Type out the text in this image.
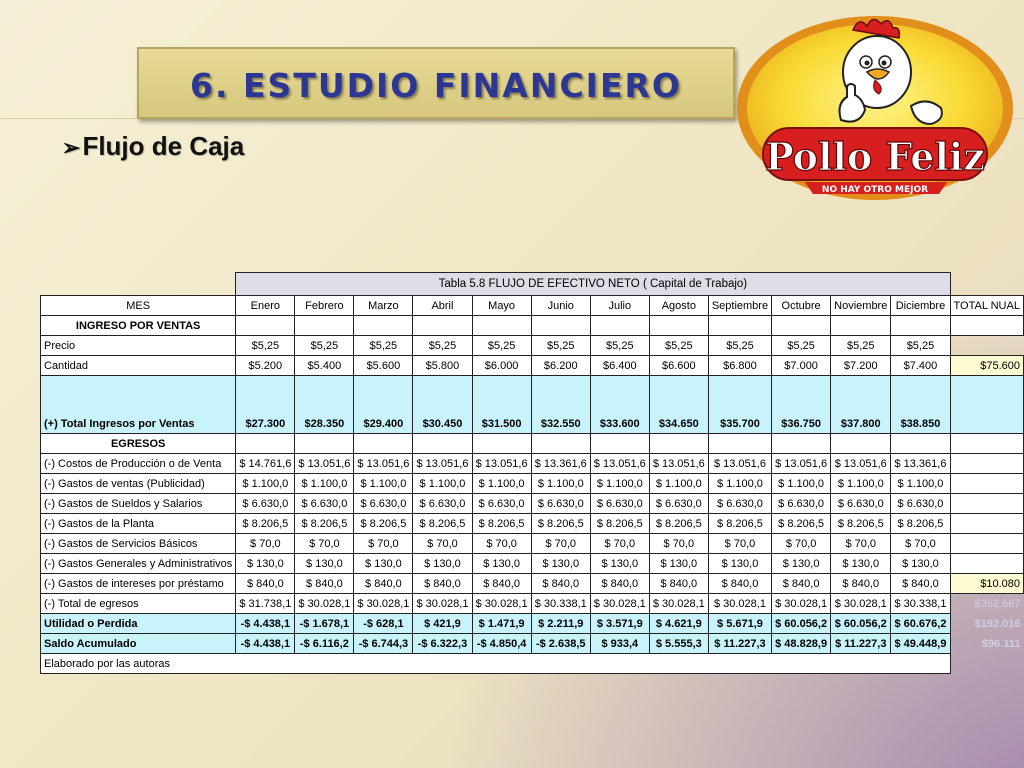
6. ESTUDIO FINANCIERO
➢Flujo de Caja	Pollo Feliz
NO HAY OTRO MEJOR
	Tabla 5.8 FLUJO DE EFECTIVO NETO ( Capital de Trabajo)												
MES	Enero	Febrero	Marzo	Abril	Mayo	Junio	Julio	Agosto	Septiembre	Octubre	Noviembre	Diciembre	TOTAL NUAL
INGRESO POR VENTAS													
Precio	$5,25	$5,25	$5,25	$5,25	$5,25	$5,25	$5,25	$5,25	$5,25	$5,25	$5,25	$5,25	
Cantidad	$5.200	$5.400	$5.600	$5.800	$6.000	$6.200	$6.400	$6.600	$6.800	$7.000	$7.200	$7.400	$75.600
(+) Total Ingresos por Ventas	$27.300	$28.350	$29.400	$30.450	$31.500	$32.550	$33.600	$34.650	$35.700	$36.750	$37.800	$38.850	
EGRESOS													
(-) Costos de Producción o de Venta	$ 14.761,6	$ 13.051,6	$ 13.051,6	$ 13.051,6	$ 13.051,6	$ 13.361,6	$ 13.051,6	$ 13.051,6	$ 13.051,6	$ 13.051,6	$ 13.051,6	$ 13.361,6	
(-) Gastos de ventas (Publicidad)	$ 1.100,0	$ 1.100,0	$ 1.100,0	$ 1.100,0	$ 1.100,0	$ 1.100,0	$ 1.100,0	$ 1.100,0	$ 1.100,0	$ 1.100,0	$ 1.100,0	$ 1.100,0	
(-) Gastos de Sueldos y Salarios	$ 6.630,0	$ 6.630,0	$ 6.630,0	$ 6.630,0	$ 6.630,0	$ 6.630,0	$ 6.630,0	$ 6.630,0	$ 6.630,0	$ 6.630,0	$ 6.630,0	$ 6.630,0	
(-) Gastos de la Planta	$ 8.206,5	$ 8.206,5	$ 8.206,5	$ 8.206,5	$ 8.206,5	$ 8.206,5	$ 8.206,5	$ 8.206,5	$ 8.206,5	$ 8.206,5	$ 8.206,5	$ 8.206,5	
(-) Gastos de Servicios Básicos	$ 70,0	$ 70,0	$ 70,0	$ 70,0	$ 70,0	$ 70,0	$ 70,0	$ 70,0	$ 70,0	$ 70,0	$ 70,0	$ 70,0	
(-) Gastos Generales y Administrativos	$ 130,0	$ 130,0	$ 130,0	$ 130,0	$ 130,0	$ 130,0	$ 130,0	$ 130,0	$ 130,0	$ 130,0	$ 130,0	$ 130,0	
(-) Gastos de intereses por préstamo	$ 840,0	$ 840,0	$ 840,0	$ 840,0	$ 840,0	$ 840,0	$ 840,0	$ 840,0	$ 840,0	$ 840,0	$ 840,0	$ 840,0	$10.080
(-) Total de egresos	$ 31.738,1	$ 30.028,1	$ 30.028,1	$ 30.028,1	$ 30.028,1	$ 30.338,1	$ 30.028,1	$ 30.028,1	$ 30.028,1	$ 30.028,1	$ 30.028,1	$ 30.338,1	$362.667
Utilidad o Perdida	-$ 4.438,1	-$ 1.678,1	-$ 628,1	$ 421,9	$ 1.471,9	$ 2.211,9	$ 3.571,9	$ 4.621,9	$ 5.671,9	$ 60.056,2	$ 60.056,2	$ 60.676,2	$192.016
Saldo Acumulado	-$ 4.438,1	-$ 6.116,2	-$ 6.744,3	-$ 6.322,3	-$ 4.850,4	-$ 2.638,5	$ 933,4	$ 5.555,3	$ 11.227,3	$ 48.828,9	$ 11.227,3	$ 49.448,9	$96.111
Elaborado por las autoras													
